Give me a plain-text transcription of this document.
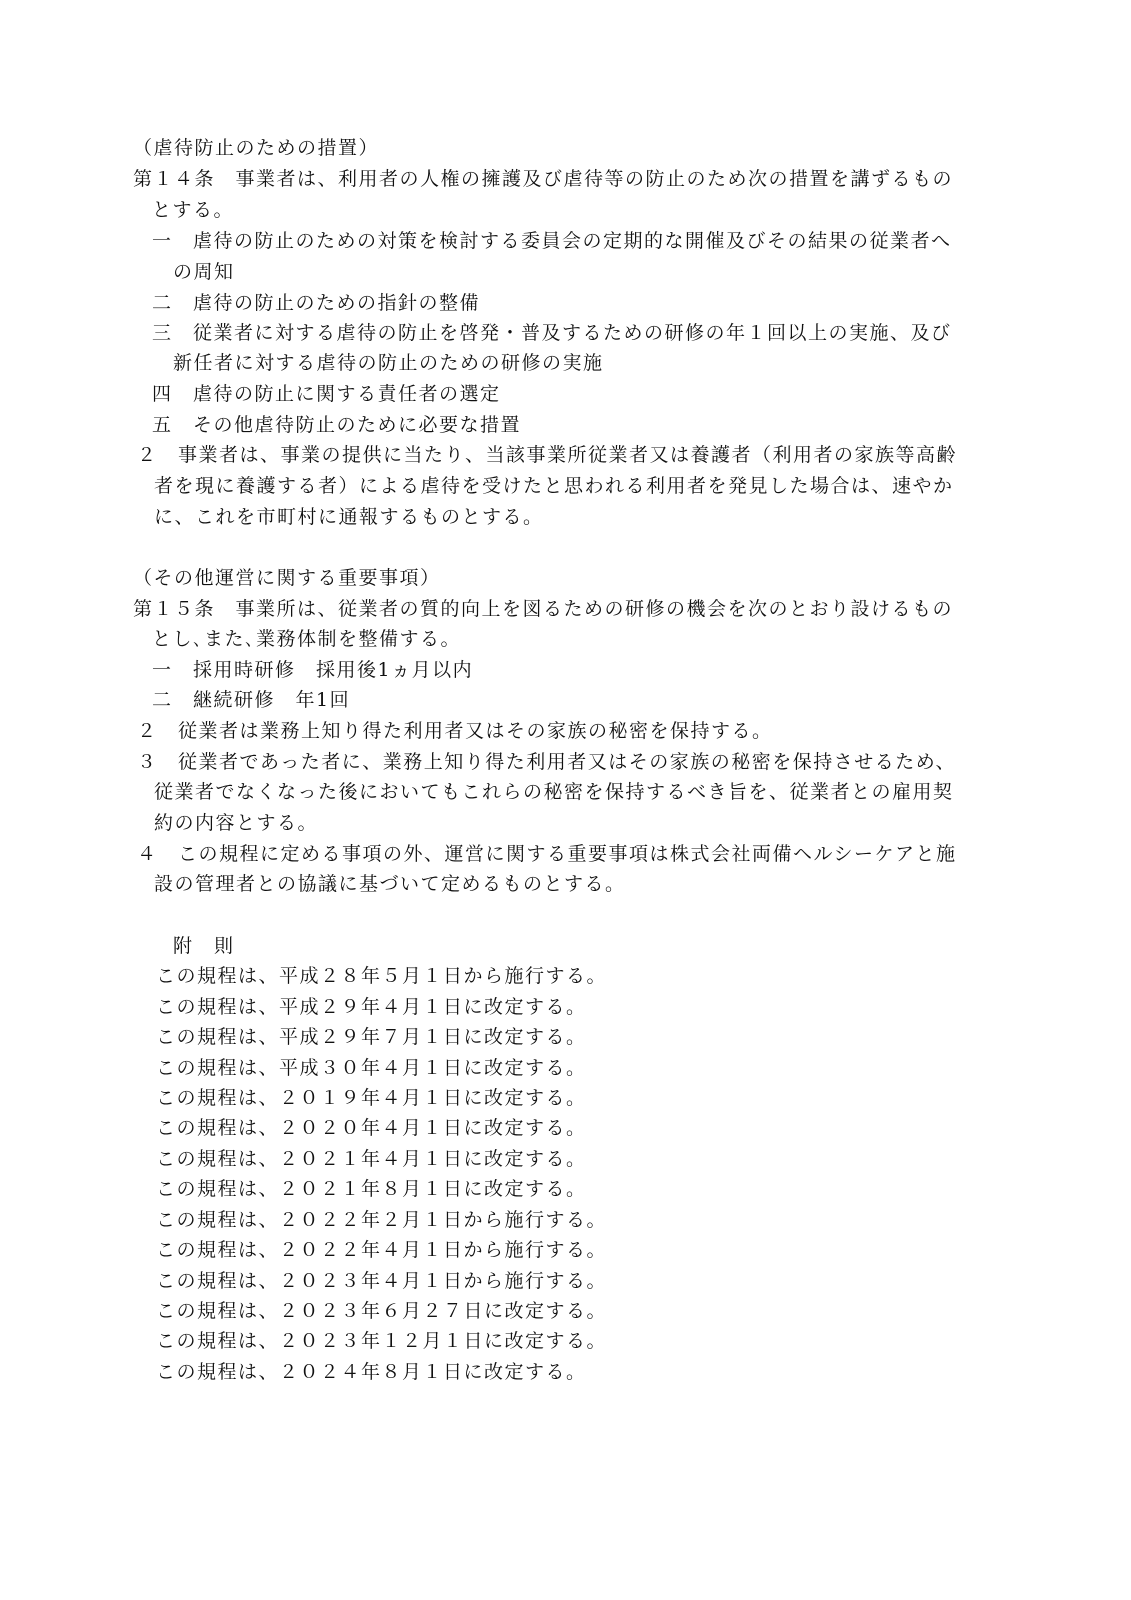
（虐待防止のための措置）
第１４条　事業者は、利用者の人権の擁護及び虐待等の防止のため次の措置を講ずるもの
とする。
一　虐待の防止のための対策を検討する委員会の定期的な開催及びその結果の従業者へ
の周知
二　虐待の防止のための指針の整備
三　従業者に対する虐待の防止を啓発・普及するための研修の年１回以上の実施、及び
新任者に対する虐待の防止のための研修の実施
四　虐待の防止に関する責任者の選定
五　その他虐待防止のために必要な措置
２　事業者は、事業の提供に当たり、当該事業所従業者又は養護者（利用者の家族等高齢
者を現に養護する者）による虐待を受けたと思われる利用者を発見した場合は、速やか
に、これを市町村に通報するものとする。
（その他運営に関する重要事項）
第１５条　事業所は、従業者の質的向上を図るための研修の機会を次のとおり設けるもの
とし､また､業務体制を整備する。
一　採用時研修　採用後1ヵ月以内
二　継続研修　年1回
２　従業者は業務上知り得た利用者又はその家族の秘密を保持する。
３　従業者であった者に、業務上知り得た利用者又はその家族の秘密を保持させるため、
従業者でなくなった後においてもこれらの秘密を保持するべき旨を、従業者との雇用契
約の内容とする。
４　この規程に定める事項の外、運営に関する重要事項は株式会社両備ヘルシーケアと施
設の管理者との協議に基づいて定めるものとする。
附　則
この規程は、平成２８年５月１日から施行する。
この規程は、平成２９年４月１日に改定する。
この規程は、平成２９年７月１日に改定する。
この規程は、平成３０年４月１日に改定する。
この規程は、２０１９年４月１日に改定する。
この規程は、２０２０年４月１日に改定する。
この規程は、２０２１年４月１日に改定する。
この規程は、２０２１年８月１日に改定する。
この規程は、２０２２年２月１日から施行する。
この規程は、２０２２年４月１日から施行する。
この規程は、２０２３年４月１日から施行する。
この規程は、２０２３年６月２７日に改定する。
この規程は、２０２３年１２月１日に改定する。
この規程は、２０２４年８月１日に改定する。
